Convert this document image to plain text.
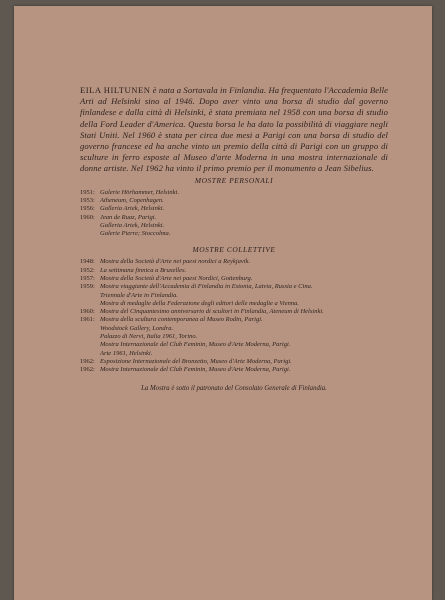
EILA HILTUNEN è nata a Sortavala in Finlandia. Ha frequentato l'Accademia Belle Arti ad Helsinki sino al 1946. Dopo aver vinto una borsa di studio dal governo finlandese e dalla città di Helsinki, è stata premiata nel 1958 con una borsa di studio della Ford Leader d'America. Questa borsa le ha dato la possibilità di viaggiare negli Stati Uniti. Nel 1960 è stata per circa due mesi a Parigi con una borsa di studio del governo francese ed ha anche vinto un premio della città di Parigi con un gruppo di sculture in ferro esposte al Museo d'arte Moderna in una mostra internazionale di donne artiste. Nel 1962 ha vinto il primo premio per il monumento a Jean Sibelius.

MOSTRE PERSONALI

1951: Galerie Hörhammer, Helsinki.
1953: Atheneum, Copenhagen.
1956: Galleria Artek, Helsinki.
1960: Jean de Ruaz, Parigi.
Galleria Artek, Helsinki.
Galerie Pierre; Stoccolma.

MOSTRE COLLETTIVE

1948: Mostra della Società d'Arte nei paesi nordici a Reykjavik.
1952: La settimana finnica a Bruxelles.
1957: Mostra della Società d'Arte nei paesi Nordici, Gottenburg.
1959: Mostra viaggiante dell'Accademia di Finlandia in Estonia, Latvia, Russia e Cina.
Triennale d'Arte in Finlandia.
Mostra di medaglie della Federazione degli editori delle medaglie a Vienna.
1960: Mostra del Cinquantesimo anniversario di scultori in Finlandia, Ateneum di Helsinki.
1961: Mostra della scultura contemporanea al Museo Rodin, Parigi.
Woodstock Gallery, Londra.
Palazzo di Nervi, Italia 1961, Torino.
Mostra Internazionale del Club Feminin, Museo d'Arte Moderna, Parigi.
Arte 1961, Helsinki.
1962: Esposizione Internazionale del Bronzetto, Museo d'Arte Moderna, Parigi.
1962: Mostra Internazionale del Club Feminin, Museo d'Arte Moderna, Parigi.

La Mostra è sotto il patronato del Consolato Generale di Finlandia.
